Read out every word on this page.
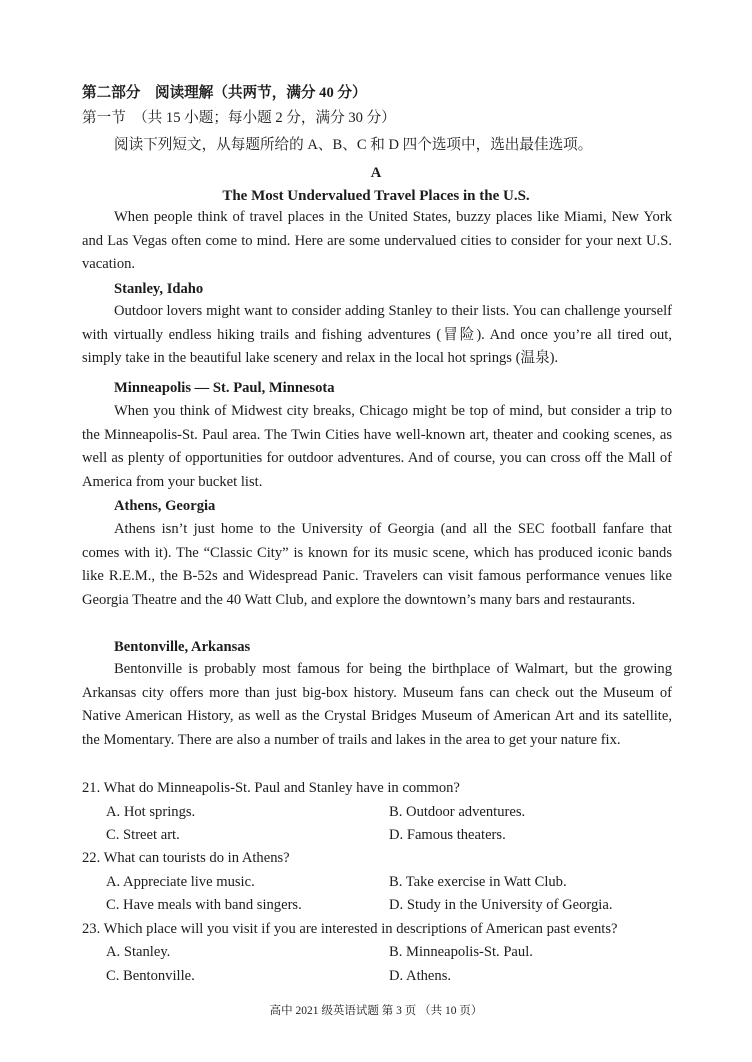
第二部分　阅读理解（共两节，满分 40 分）
第一节　（共 15 小题；每小题 2 分，满分 30 分）
阅读下列短文，从每题所给的 A、B、C 和 D 四个选项中，选出最佳选项。
A
The Most Undervalued Travel Places in the U.S.
When people think of travel places in the United States, buzzy places like Miami, New York and Las Vegas often come to mind. Here are some undervalued cities to consider for your next U.S. vacation.
Stanley, Idaho
Outdoor lovers might want to consider adding Stanley to their lists. You can challenge yourself with virtually endless hiking trails and fishing adventures (冒险). And once you’re all tired out, simply take in the beautiful lake scenery and relax in the local hot springs (温泉).
Minneapolis — St. Paul, Minnesota
When you think of Midwest city breaks, Chicago might be top of mind, but consider a trip to the Minneapolis-St. Paul area. The Twin Cities have well-known art, theater and cooking scenes, as well as plenty of opportunities for outdoor adventures. And of course, you can cross off the Mall of America from your bucket list.
Athens, Georgia
Athens isn’t just home to the University of Georgia (and all the SEC football fanfare that comes with it). The “Classic City” is known for its music scene, which has produced iconic bands like R.E.M., the B-52s and Widespread Panic. Travelers can visit famous performance venues like Georgia Theatre and the 40 Watt Club, and explore the downtown’s many bars and restaurants.
Bentonville, Arkansas
Bentonville is probably most famous for being the birthplace of Walmart, but the growing Arkansas city offers more than just big-box history. Museum fans can check out the Museum of Native American History, as well as the Crystal Bridges Museum of American Art and its satellite, the Momentary. There are also a number of trails and lakes in the area to get your nature fix.
21. What do Minneapolis-St. Paul and Stanley have in common?
A. Hot springs.	B. Outdoor adventures.
C. Street art.	D. Famous theaters.
22. What can tourists do in Athens?
A. Appreciate live music.	B. Take exercise in Watt Club.
C. Have meals with band singers.	D. Study in the University of Georgia.
23. Which place will you visit if you are interested in descriptions of American past events?
A. Stanley.	B. Minneapolis-St. Paul.
C. Bentonville.	D. Athens.
高中 2021 级英语试题 第 3 页 （共 10 页）
